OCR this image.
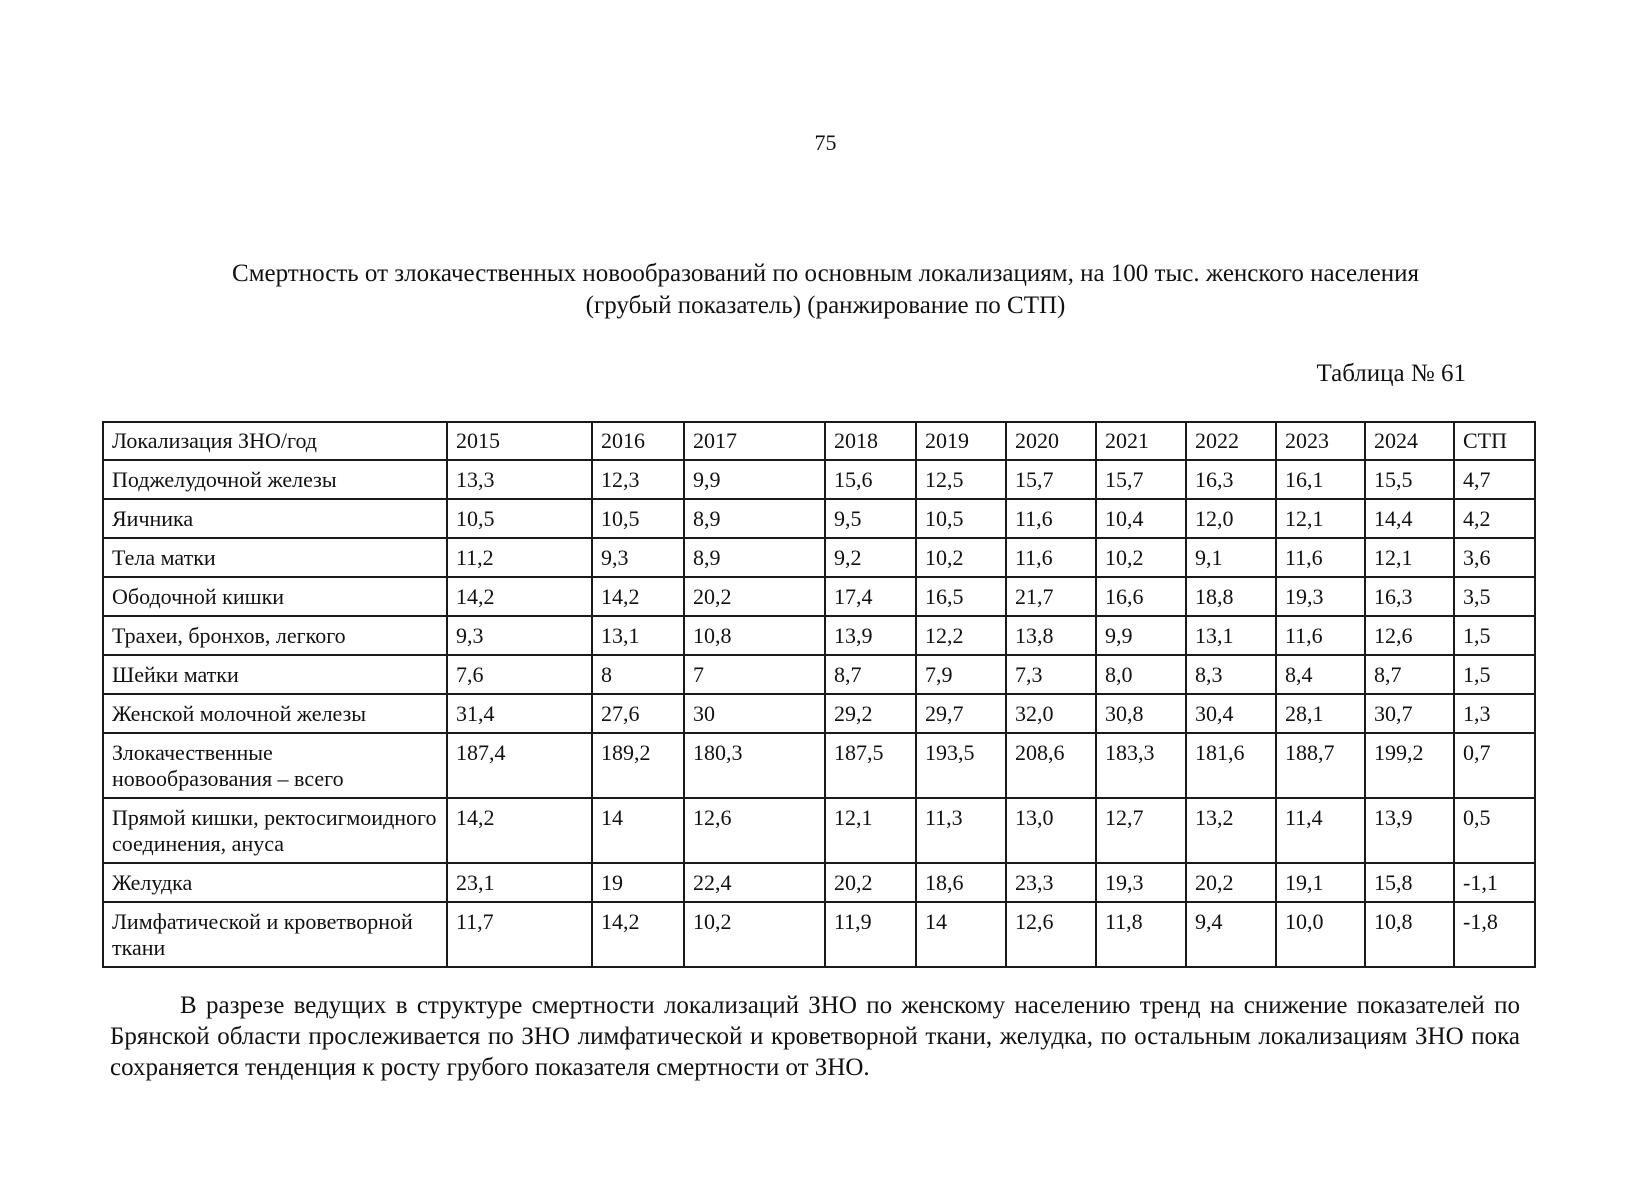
75
Смертность от злокачественных новообразований по основным локализациям, на 100 тыс. женского населения (грубый показатель) (ранжирование по СТП)
Таблица № 61
Локализация ЗНО/год	2015	2016	2017	2018	2019	2020	2021	2022	2023	2024	СТП
Поджелудочной железы	13,3	12,3	9,9	15,6	12,5	15,7	15,7	16,3	16,1	15,5	4,7
Яичника	10,5	10,5	8,9	9,5	10,5	11,6	10,4	12,0	12,1	14,4	4,2
Тела матки	11,2	9,3	8,9	9,2	10,2	11,6	10,2	9,1	11,6	12,1	3,6
Ободочной кишки	14,2	14,2	20,2	17,4	16,5	21,7	16,6	18,8	19,3	16,3	3,5
Трахеи, бронхов, легкого	9,3	13,1	10,8	13,9	12,2	13,8	9,9	13,1	11,6	12,6	1,5
Шейки матки	7,6	8	7	8,7	7,9	7,3	8,0	8,3	8,4	8,7	1,5
Женской молочной железы	31,4	27,6	30	29,2	29,7	32,0	30,8	30,4	28,1	30,7	1,3
Злокачественные новообразования – всего	187,4	189,2	180,3	187,5	193,5	208,6	183,3	181,6	188,7	199,2	0,7
Прямой кишки, ректосигмоидного соединения, ануса	14,2	14	12,6	12,1	11,3	13,0	12,7	13,2	11,4	13,9	0,5
Желудка	23,1	19	22,4	20,2	18,6	23,3	19,3	20,2	19,1	15,8	-1,1
Лимфатической и кроветворной ткани	11,7	14,2	10,2	11,9	14	12,6	11,8	9,4	10,0	10,8	-1,8
В разрезе ведущих в структуре смертности локализаций ЗНО по женскому населению тренд на снижение показателей по Брянской области прослеживается по ЗНО лимфатической и кроветворной ткани, желудка, по остальным локализациям ЗНО пока сохраняется тенденция к росту грубого показателя смертности от ЗНО.
